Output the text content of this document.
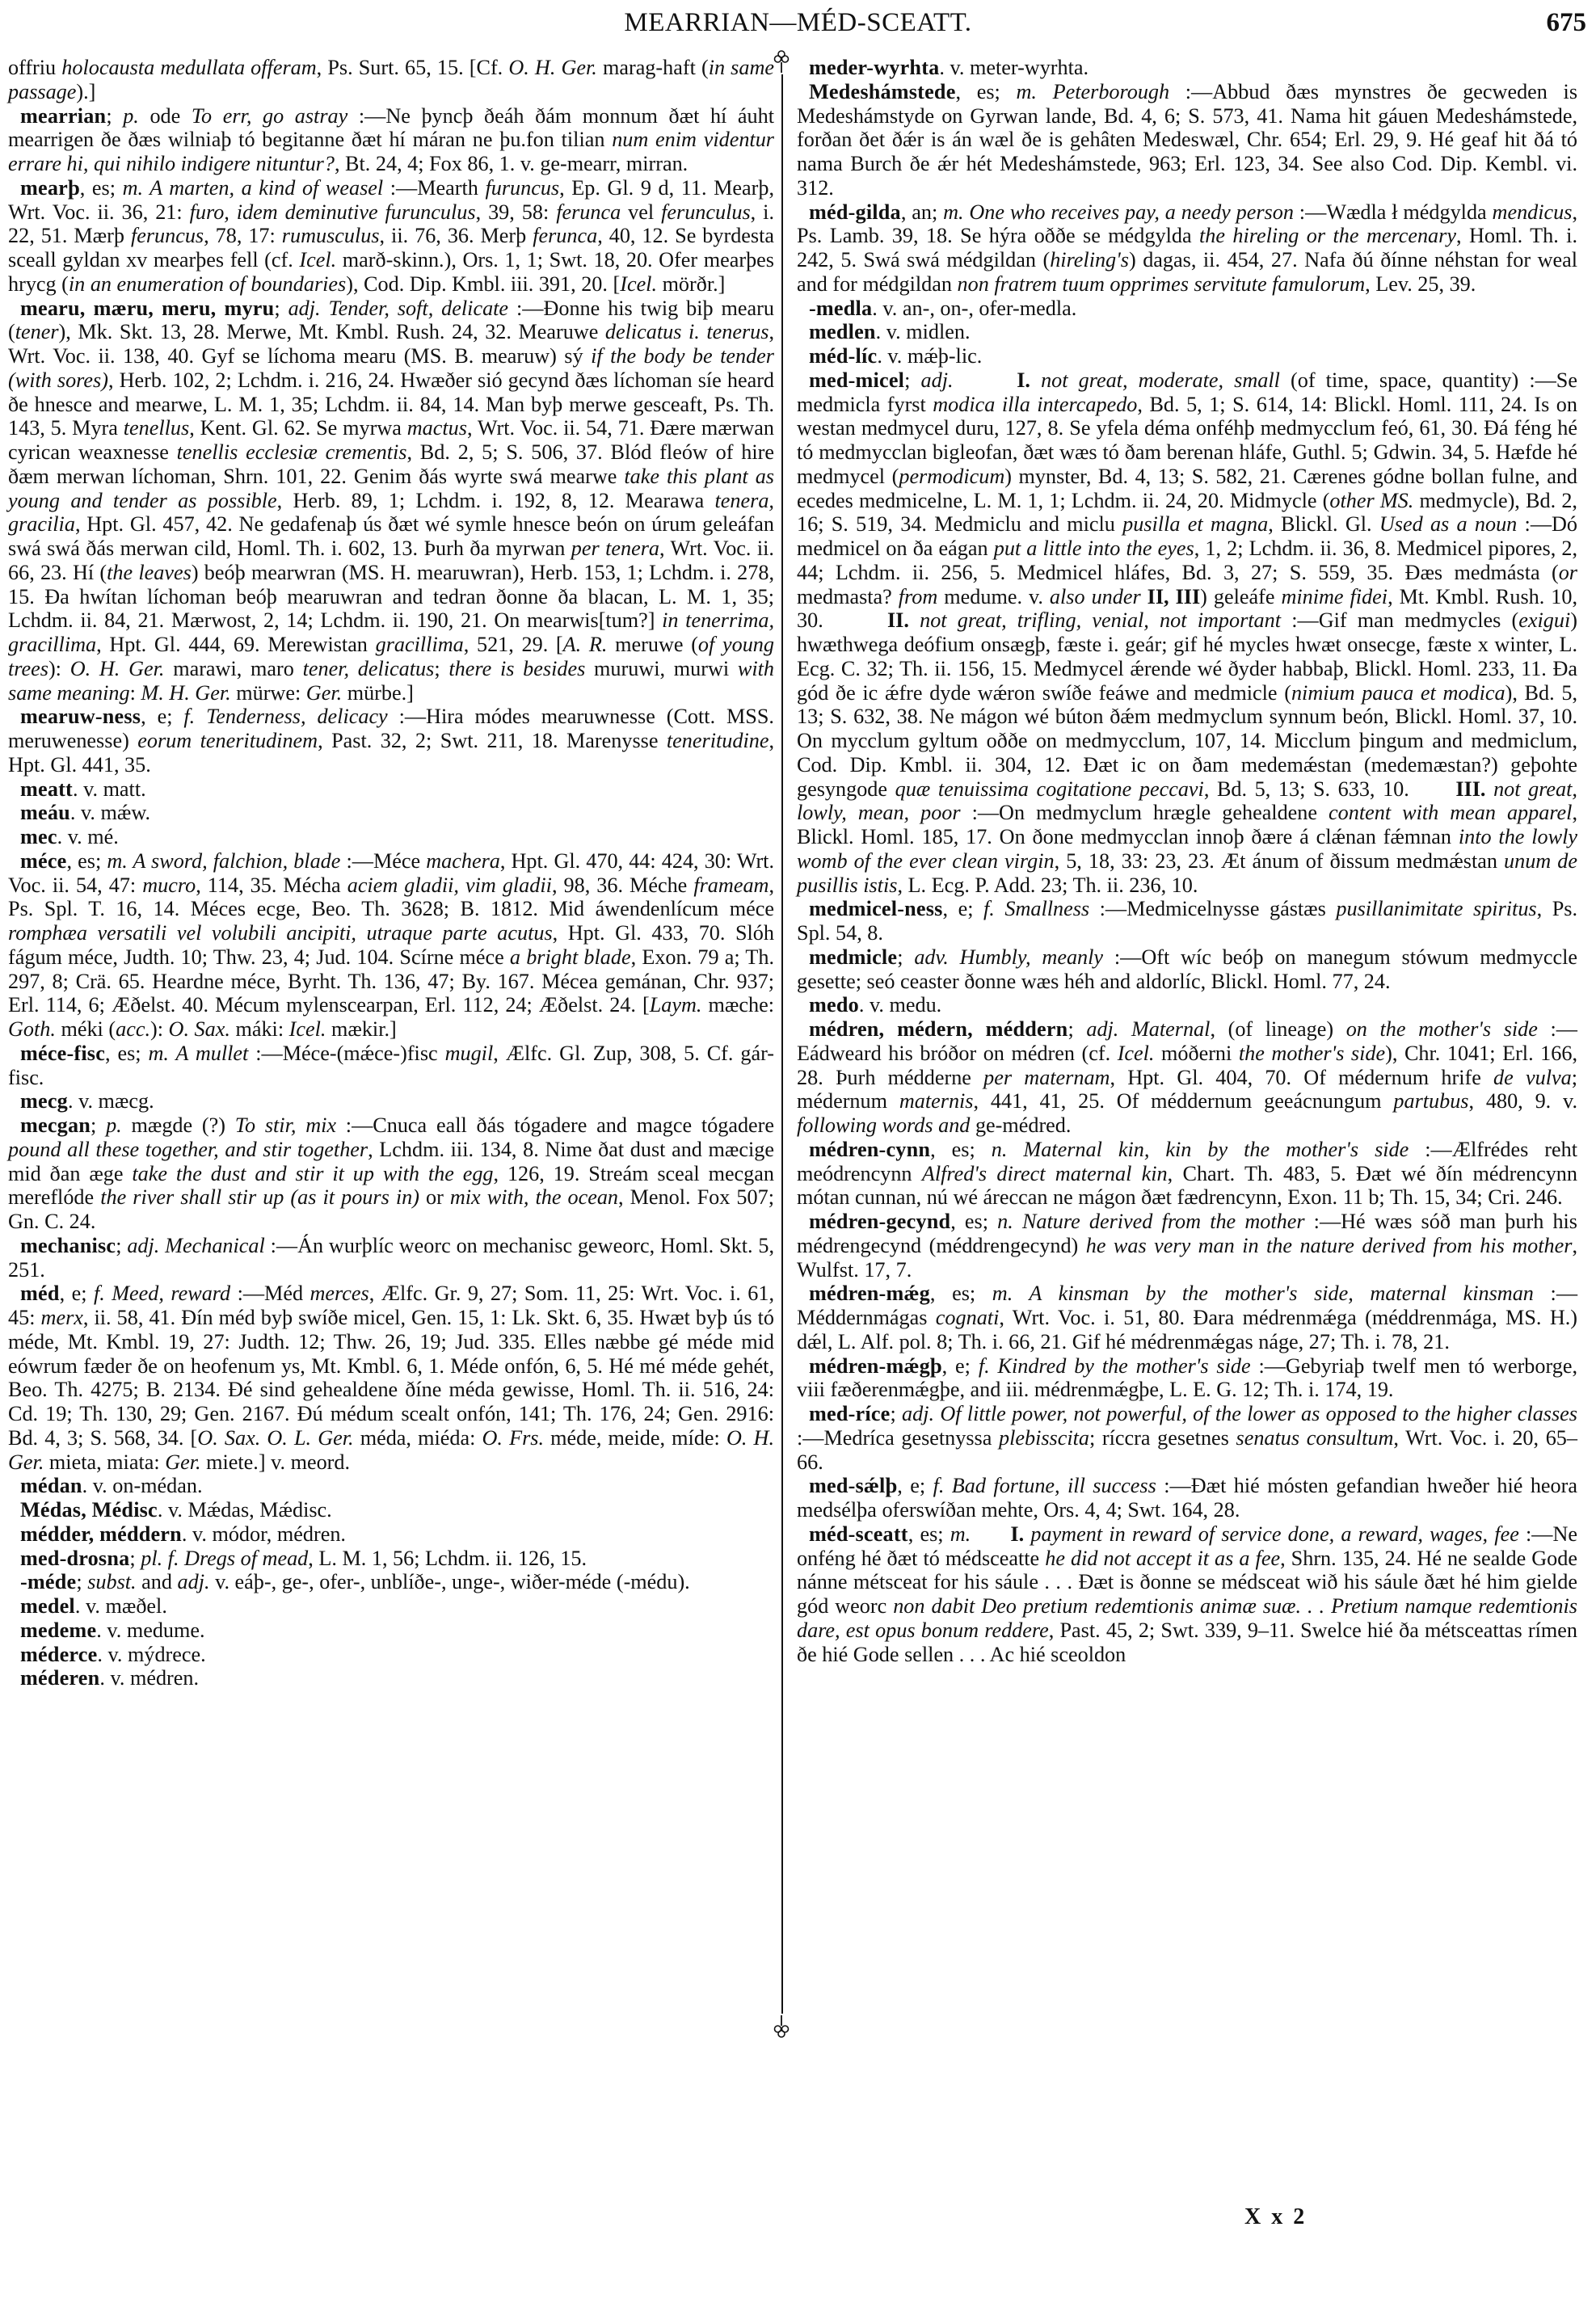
MEARRIAN—MÉD-SCEATT.	675

offriu holocausta medullata offeram, Ps. Surt. 65, 15. [Cf. O. H. Ger. marag-haft (in same passage).]

mearrian; p. ode To err, go astray :—Ne þyncþ ðeáh ðám monnum ðæt hí áuht mearrigen ðe ðæs wilniaþ tó begitanne ðæt hí máran ne þu.fon tilian num enim videntur errare hi, qui nihilo indigere nituntur?, Bt. 24, 4; Fox 86, 1. v. ge-mearr, mirran.

mearþ, es; m. A marten, a kind of weasel :—Mearth furuncus, Ep. Gl. 9 d, 11. Mearþ, Wrt. Voc. ii. 36, 21: furo, idem deminutive furunculus, 39, 58: ferunca vel ferunculus, i. 22, 51. Mærþ feruncus, 78, 17: rumusculus, ii. 76, 36. Merþ ferunca, 40, 12. Se byrdesta sceall gyldan xv mearþes fell (cf. Icel. marð-skinn.), Ors. 1, 1; Swt. 18, 20. Ofer mearþes hrycg (in an enumeration of boundaries), Cod. Dip. Kmbl. iii. 391, 20. [Icel. mörðr.]

mearu, mæru, meru, myru; adj. Tender, soft, delicate :—Ðonne his twig biþ mearu (tener), Mk. Skt. 13, 28. Merwe, Mt. Kmbl. Rush. 24, 32. Mearuwe delicatus i. tenerus, Wrt. Voc. ii. 138, 40. Gyf se líchoma mearu (MS. B. mearuw) sý if the body be tender (with sores), Herb. 102, 2; Lchdm. i. 216, 24. Hwæðer sió gecynd ðæs líchoman síe heard ðe hnesce and mearwe, L. M. 1, 35; Lchdm. ii. 84, 14. Man byþ merwe gesceaft, Ps. Th. 143, 5. Myra tenellus, Kent. Gl. 62. Se myrwa mactus, Wrt. Voc. ii. 54, 71. Ðære mærwan cyrican weaxnesse tenellis ecclesiæ crementis, Bd. 2, 5; S. 506, 37. Blód fleów of hire ðæm merwan líchoman, Shrn. 101, 22. Genim ðás wyrte swá mearwe take this plant as young and tender as possible, Herb. 89, 1; Lchdm. i. 192, 8, 12. Mearawa tenera, gracilia, Hpt. Gl. 457, 42. Ne gedafenaþ ús ðæt wé symle hnesce beón on úrum geleáfan swá swá ðás merwan cild, Homl. Th. i. 602, 13. Þurh ða myrwan per tenera, Wrt. Voc. ii. 66, 23. Hí (the leaves) beóþ mearwran (MS. H. mearuwran), Herb. 153, 1; Lchdm. i. 278, 15. Ða hwítan líchoman beóþ mearuwran and tedran ðonne ða blacan, L. M. 1, 35; Lchdm. ii. 84, 21. Mærwost, 2, 14; Lchdm. ii. 190, 21. On mearwis[tum?] in tenerrima, gracillima, Hpt. Gl. 444, 69. Merewistan gracillima, 521, 29. [A. R. meruwe (of young trees): O. H. Ger. marawi, maro tener, delicatus; there is besides muruwi, murwi with same meaning: M. H. Ger. mürwe: Ger. mürbe.]

mearuw-ness, e; f. Tenderness, delicacy :—Hira módes mearuwnesse (Cott. MSS. meruwenesse) eorum teneritudinem, Past. 32, 2; Swt. 211, 18. Marenysse teneritudine, Hpt. Gl. 441, 35.

meatt. v. matt.

meáu. v. mǽw.

mec. v. mé.

méce, es; m. A sword, falchion, blade :—Méce machera, Hpt. Gl. 470, 44: 424, 30: Wrt. Voc. ii. 54, 47: mucro, 114, 35. Mécha aciem gladii, vim gladii, 98, 36. Méche frameam, Ps. Spl. T. 16, 14. Méces ecge, Beo. Th. 3628; B. 1812. Mid áwendenlícum méce romphæa versatili vel volubili ancipiti, utraque parte acutus, Hpt. Gl. 433, 70. Slóh fágum méce, Judth. 10; Thw. 23, 4; Jud. 104. Scírne méce a bright blade, Exon. 79 a; Th. 297, 8; Crä. 65. Heardne méce, Byrht. Th. 136, 47; By. 167. Mécea gemánan, Chr. 937; Erl. 114, 6; Æðelst. 40. Mécum mylenscearpan, Erl. 112, 24; Æðelst. 24. [Laym. mæche: Goth. méki (acc.): O. Sax. máki: Icel. mækir.]

méce-fisc, es; m. A mullet :—Méce-(mǽce-)fisc mugil, Ælfc. Gl. Zup, 308, 5. Cf. gár-fisc.

mecg. v. mæcg.

mecgan; p. mægde (?) To stir, mix :—Cnuca eall ðás tógadere and magce tógadere pound all these together, and stir together, Lchdm. iii. 134, 8. Nime ðat dust and mæcige mid ðan æge take the dust and stir it up with the egg, 126, 19. Streám sceal mecgan mereflóde the river shall stir up (as it pours in) or mix with, the ocean, Menol. Fox 507; Gn. C. 24.

mechanisc; adj. Mechanical :—Án wurþlíc weorc on mechanisc geweorc, Homl. Skt. 5, 251.

méd, e; f. Meed, reward :—Méd merces, Ælfc. Gr. 9, 27; Som. 11, 25: Wrt. Voc. i. 61, 45: merx, ii. 58, 41. Ðín méd byþ swíðe micel, Gen. 15, 1: Lk. Skt. 6, 35. Hwæt byþ ús tó méde, Mt. Kmbl. 19, 27: Judth. 12; Thw. 26, 19; Jud. 335. Elles næbbe gé méde mid eówrum fæder ðe on heofenum ys, Mt. Kmbl. 6, 1. Méde onfón, 6, 5. Hé mé méde gehét, Beo. Th. 4275; B. 2134. Ðé sind gehealdene ðíne méda gewisse, Homl. Th. ii. 516, 24: Cd. 19; Th. 130, 29; Gen. 2167. Ðú médum scealt onfón, 141; Th. 176, 24; Gen. 2916: Bd. 4, 3; S. 568, 34. [O. Sax. O. L. Ger. méda, miéda: O. Frs. méde, meide, míde: O. H. Ger. mieta, miata: Ger. miete.] v. meord.

médan. v. on-médan.

Médas, Médisc. v. Mǽdas, Mǽdisc.

médder, méddern. v. módor, médren.

med-drosna; pl. f. Dregs of mead, L. M. 1, 56; Lchdm. ii. 126, 15.

-méde; subst. and adj. v. eáþ-, ge-, ofer-, unblíðe-, unge-, wiðer-méde (-médu).

medel. v. mæðel.

medeme. v. medume.

méderce. v. mýdrece.

méderen. v. médren.

meder-wyrhta. v. meter-wyrhta.

Medeshámstede, es; m. Peterborough :—Abbud ðæs mynstres ðe gecweden is Medeshámstyde on Gyrwan lande, Bd. 4, 6; S. 573, 41. Nama hit gáuen Medeshámstede, forðan ðet ðǽr is án wæl ðe is gehâten Medeswæl, Chr. 654; Erl. 29, 9. Hé geaf hit ðá tó nama Burch ðe ǽr hét Medeshámstede, 963; Erl. 123, 34. See also Cod. Dip. Kembl. vi. 312.

méd-gilda, an; m. One who receives pay, a needy person :—Wædla ł médgylda mendicus, Ps. Lamb. 39, 18. Se hýra oððe se médgylda the hireling or the mercenary, Homl. Th. i. 242, 5. Swá swá médgildan (hireling's) dagas, ii. 454, 27. Nafa ðú ðínne néhstan for weal and for médgildan non fratrem tuum opprimes servitute famulorum, Lev. 25, 39.

-medla. v. an-, on-, ofer-medla.

medlen. v. midlen.

méd-líc. v. mǽþ-lic.

med-micel; adj.	I. not great, moderate, small (of time, space, quantity) :—Se medmicla fyrst modica illa intercapedo, Bd. 5, 1; S. 614, 14: Blickl. Homl. 111, 24. Is on westan medmycel duru, 127, 8. Se yfela déma onféhþ medmycclum feó, 61, 30. Ðá féng hé tó medmycclan bigleofan, ðæt wæs tó ðam berenan hláfe, Guthl. 5; Gdwin. 34, 5. Hæfde hé medmycel (permodicum) mynster, Bd. 4, 13; S. 582, 21. Cærenes gódne bollan fulne, and ecedes medmicelne, L. M. 1, 1; Lchdm. ii. 24, 20. Midmycle (other MS. medmycle), Bd. 2, 16; S. 519, 34. Medmiclu and miclu pusilla et magna, Blickl. Gl. Used as a noun :—Dó medmicel on ða eágan put a little into the eyes, 1, 2; Lchdm. ii. 36, 8. Medmicel pipores, 2, 44; Lchdm. ii. 256, 5. Medmicel hláfes, Bd. 3, 27; S. 559, 35. Ðæs medmásta (or medmasta? from medume. v. also under II, III) geleáfe minime fidei, Mt. Kmbl. Rush. 10, 30.      II. not great, trifling, venial, not important :—Gif man medmycles (exigui) hwæthwega deófium onsægþ, fæste i. geár; gif hé mycles hwæt onsecge, fæste x winter, L. Ecg. C. 32; Th. ii. 156, 15. Medmycel ǽrende wé ðyder habbaþ, Blickl. Homl. 233, 11. Ða gód ðe ic ǽfre dyde wǽron swíðe feáwe and medmicle (nimium pauca et modica), Bd. 5, 13; S. 632, 38. Ne mágon wé búton ðǽm medmyclum synnum beón, Blickl. Homl. 37, 10. On mycclum gyltum oððe on medmycclum, 107, 14. Micclum þingum and medmiclum, Cod. Dip. Kmbl. ii. 304, 12. Ðæt ic on ðam medemǽstan (medemæstan?) geþohte gesyngode quæ tenuissima cogitatione peccavi, Bd. 5, 13; S. 633, 10.      III. not great, lowly, mean, poor :—On medmyclum hrægle gehealdene content with mean apparel, Blickl. Homl. 185, 17. On ðone medmycclan innoþ ðære á clǽnan fǽmnan into the lowly womb of the ever clean virgin, 5, 18, 33: 23, 23. Æt ánum of ðissum medmǽstan unum de pusillis istis, L. Ecg. P. Add. 23; Th. ii. 236, 10.

medmicel-ness, e; f. Smallness :—Medmicelnysse gástæs pusillanimitate spiritus, Ps. Spl. 54, 8.

medmicle; adv. Humbly, meanly :—Oft wíc beóþ on manegum stówum medmyccle gesette; seó ceaster ðonne wæs héh and aldorlíc, Blickl. Homl. 77, 24.

medo. v. medu.

médren, médern, méddern; adj. Maternal, (of lineage) on the mother's side :—Eádweard his bróðor on médren (cf. Icel. móðerni the mother's side), Chr. 1041; Erl. 166, 28. Þurh médderne per maternam, Hpt. Gl. 404, 70. Of médernum hrife de vulva; médernum maternis, 441, 41, 25. Of méddernum geeácnungum partubus, 480, 9. v. following words and ge-médred.

médren-cynn, es; n. Maternal kin, kin by the mother's side :—Ælfrédes reht meódrencynn Alfred's direct maternal kin, Chart. Th. 483, 5. Ðæt wé ðín médrencynn mótan cunnan, nú wé áreccan ne mágon ðæt fædrencynn, Exon. 11 b; Th. 15, 34; Cri. 246.

médren-gecynd, es; n. Nature derived from the mother :—Hé wæs sóð man þurh his médrengecynd (méddrengecynd) he was very man in the nature derived from his mother, Wulfst. 17, 7.

médren-mǽg, es; m. A kinsman by the mother's side, maternal kinsman :—Méddernmágas cognati, Wrt. Voc. i. 51, 80. Ðara médrenmǽga (méddrenmága, MS. H.) dǽl, L. Alf. pol. 8; Th. i. 66, 21. Gif hé médrenmǽgas náge, 27; Th. i. 78, 21.

médren-mǽgþ, e; f. Kindred by the mother's side :—Gebyriaþ twelf men tó werborge, viii fæðerenmǽgþe, and iii. médrenmǽgþe, L. E. G. 12; Th. i. 174, 19.

med-ríce; adj. Of little power, not powerful, of the lower as opposed to the higher classes :—Medríca gesetnyssa plebisscita; ríccra gesetnes senatus consultum, Wrt. Voc. i. 20, 65–66.

med-sǽlþ, e; f. Bad fortune, ill success :—Ðæt hié mósten gefandian hweðer hié heora medsélþa oferswíðan mehte, Ors. 4, 4; Swt. 164, 28.

méd-sceatt, es; m. I. payment in reward of service done, a reward, wages, fee :—Ne onféng hé ðæt tó médsceatte he did not accept it as a fee, Shrn. 135, 24. Hé ne sealde Gode nánne métsceat for his sáule . . . Ðæt is ðonne se médsceat wið his sáule ðæt hé him gielde gód weorc non dabit Deo pretium redemtionis animæ suæ. . . Pretium namque redemtionis dare, est opus bonum reddere, Past. 45, 2; Swt. 339, 9–11. Swelce hié ða métsceattas rímen ðe hié Gode sellen . . . Ac hié sceoldon

X x 2
